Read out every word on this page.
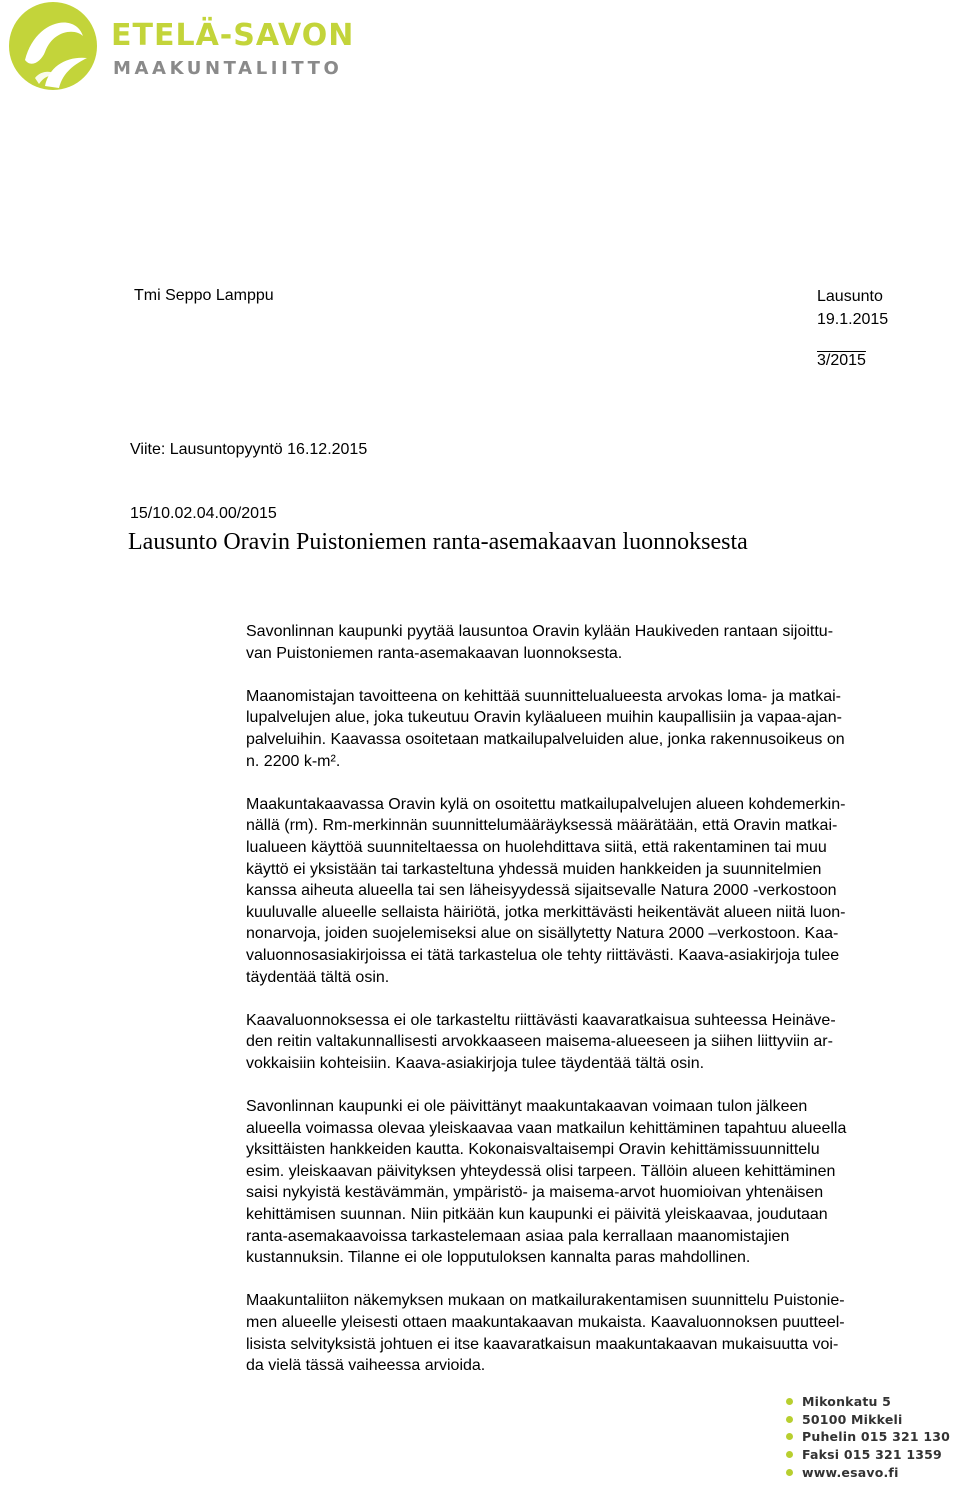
ETELÄ-SAVON
MAAKUNTALIITTO
Tmi Seppo Lamppu	Lausunto
19.1.2015
3/2015
Viite: Lausuntopyyntö 16.12.2015
15/10.02.04.00/2015
Lausunto Oravin Puistoniemen ranta-asemakaavan luonnoksesta
Savonlinnan kaupunki pyytää lausuntoa Oravin kylään Haukiveden rantaan sijoittu-
van Puistoniemen ranta-asemakaavan luonnoksesta.
Maanomistajan tavoitteena on kehittää suunnittelualueesta arvokas loma- ja matkai-
lupalvelujen alue, joka tukeutuu Oravin kyläalueen muihin kaupallisiin ja vapaa-ajan-
palveluihin. Kaavassa osoitetaan matkailupalveluiden alue, jonka rakennusoikeus on
n. 2200 k-m².
Maakuntakaavassa Oravin kylä on osoitettu matkailupalvelujen alueen kohdemerkin-
nällä (rm). Rm-merkinnän suunnittelumääräyksessä määrätään, että Oravin matkai-
lualueen käyttöä suunniteltaessa on huolehdittava siitä, että rakentaminen tai muu
käyttö ei yksistään tai tarkasteltuna yhdessä muiden hankkeiden ja suunnitelmien
kanssa aiheuta alueella tai sen läheisyydessä sijaitsevalle Natura 2000 -verkostoon
kuuluvalle alueelle sellaista häiriötä, jotka merkittävästi heikentävät alueen niitä luon-
nonarvoja, joiden suojelemiseksi alue on sisällytetty Natura 2000 –verkostoon. Kaa-
valuonnosasiakirjoissa ei tätä tarkastelua ole tehty riittävästi. Kaava-asiakirjoja tulee
täydentää tältä osin.
Kaavaluonnoksessa ei ole tarkasteltu riittävästi kaavaratkaisua suhteessa Heinäve-
den reitin valtakunnallisesti arvokkaaseen maisema-alueeseen ja siihen liittyviin ar-
vokkaisiin kohteisiin. Kaava-asiakirjoja tulee täydentää tältä osin.
Savonlinnan kaupunki ei ole päivittänyt maakuntakaavan voimaan tulon jälkeen
alueella voimassa olevaa yleiskaavaa vaan matkailun kehittäminen tapahtuu alueella
yksittäisten hankkeiden kautta. Kokonaisvaltaisempi Oravin kehittämissuunnittelu
esim. yleiskaavan päivityksen yhteydessä olisi tarpeen. Tällöin alueen kehittäminen
saisi nykyistä kestävämmän, ympäristö- ja maisema-arvot huomioivan yhtenäisen
kehittämisen suunnan. Niin pitkään kun kaupunki ei päivitä yleiskaavaa, joudutaan
ranta-asemakaavoissa tarkastelemaan asiaa pala kerrallaan maanomistajien
kustannuksin. Tilanne ei ole lopputuloksen kannalta paras mahdollinen.
Maakuntaliiton näkemyksen mukaan on matkailurakentamisen suunnittelu Puistonie-
men alueelle yleisesti ottaen maakuntakaavan mukaista. Kaavaluonnoksen puutteel-
lisista selvityksistä johtuen ei itse kaavaratkaisun maakuntakaavan mukaisuutta voi-
da vielä tässä vaiheessa arvioida.
Mikonkatu 5
50100 Mikkeli
Puhelin 015 321 130
Faksi 015 321 1359
www.esavo.fi
